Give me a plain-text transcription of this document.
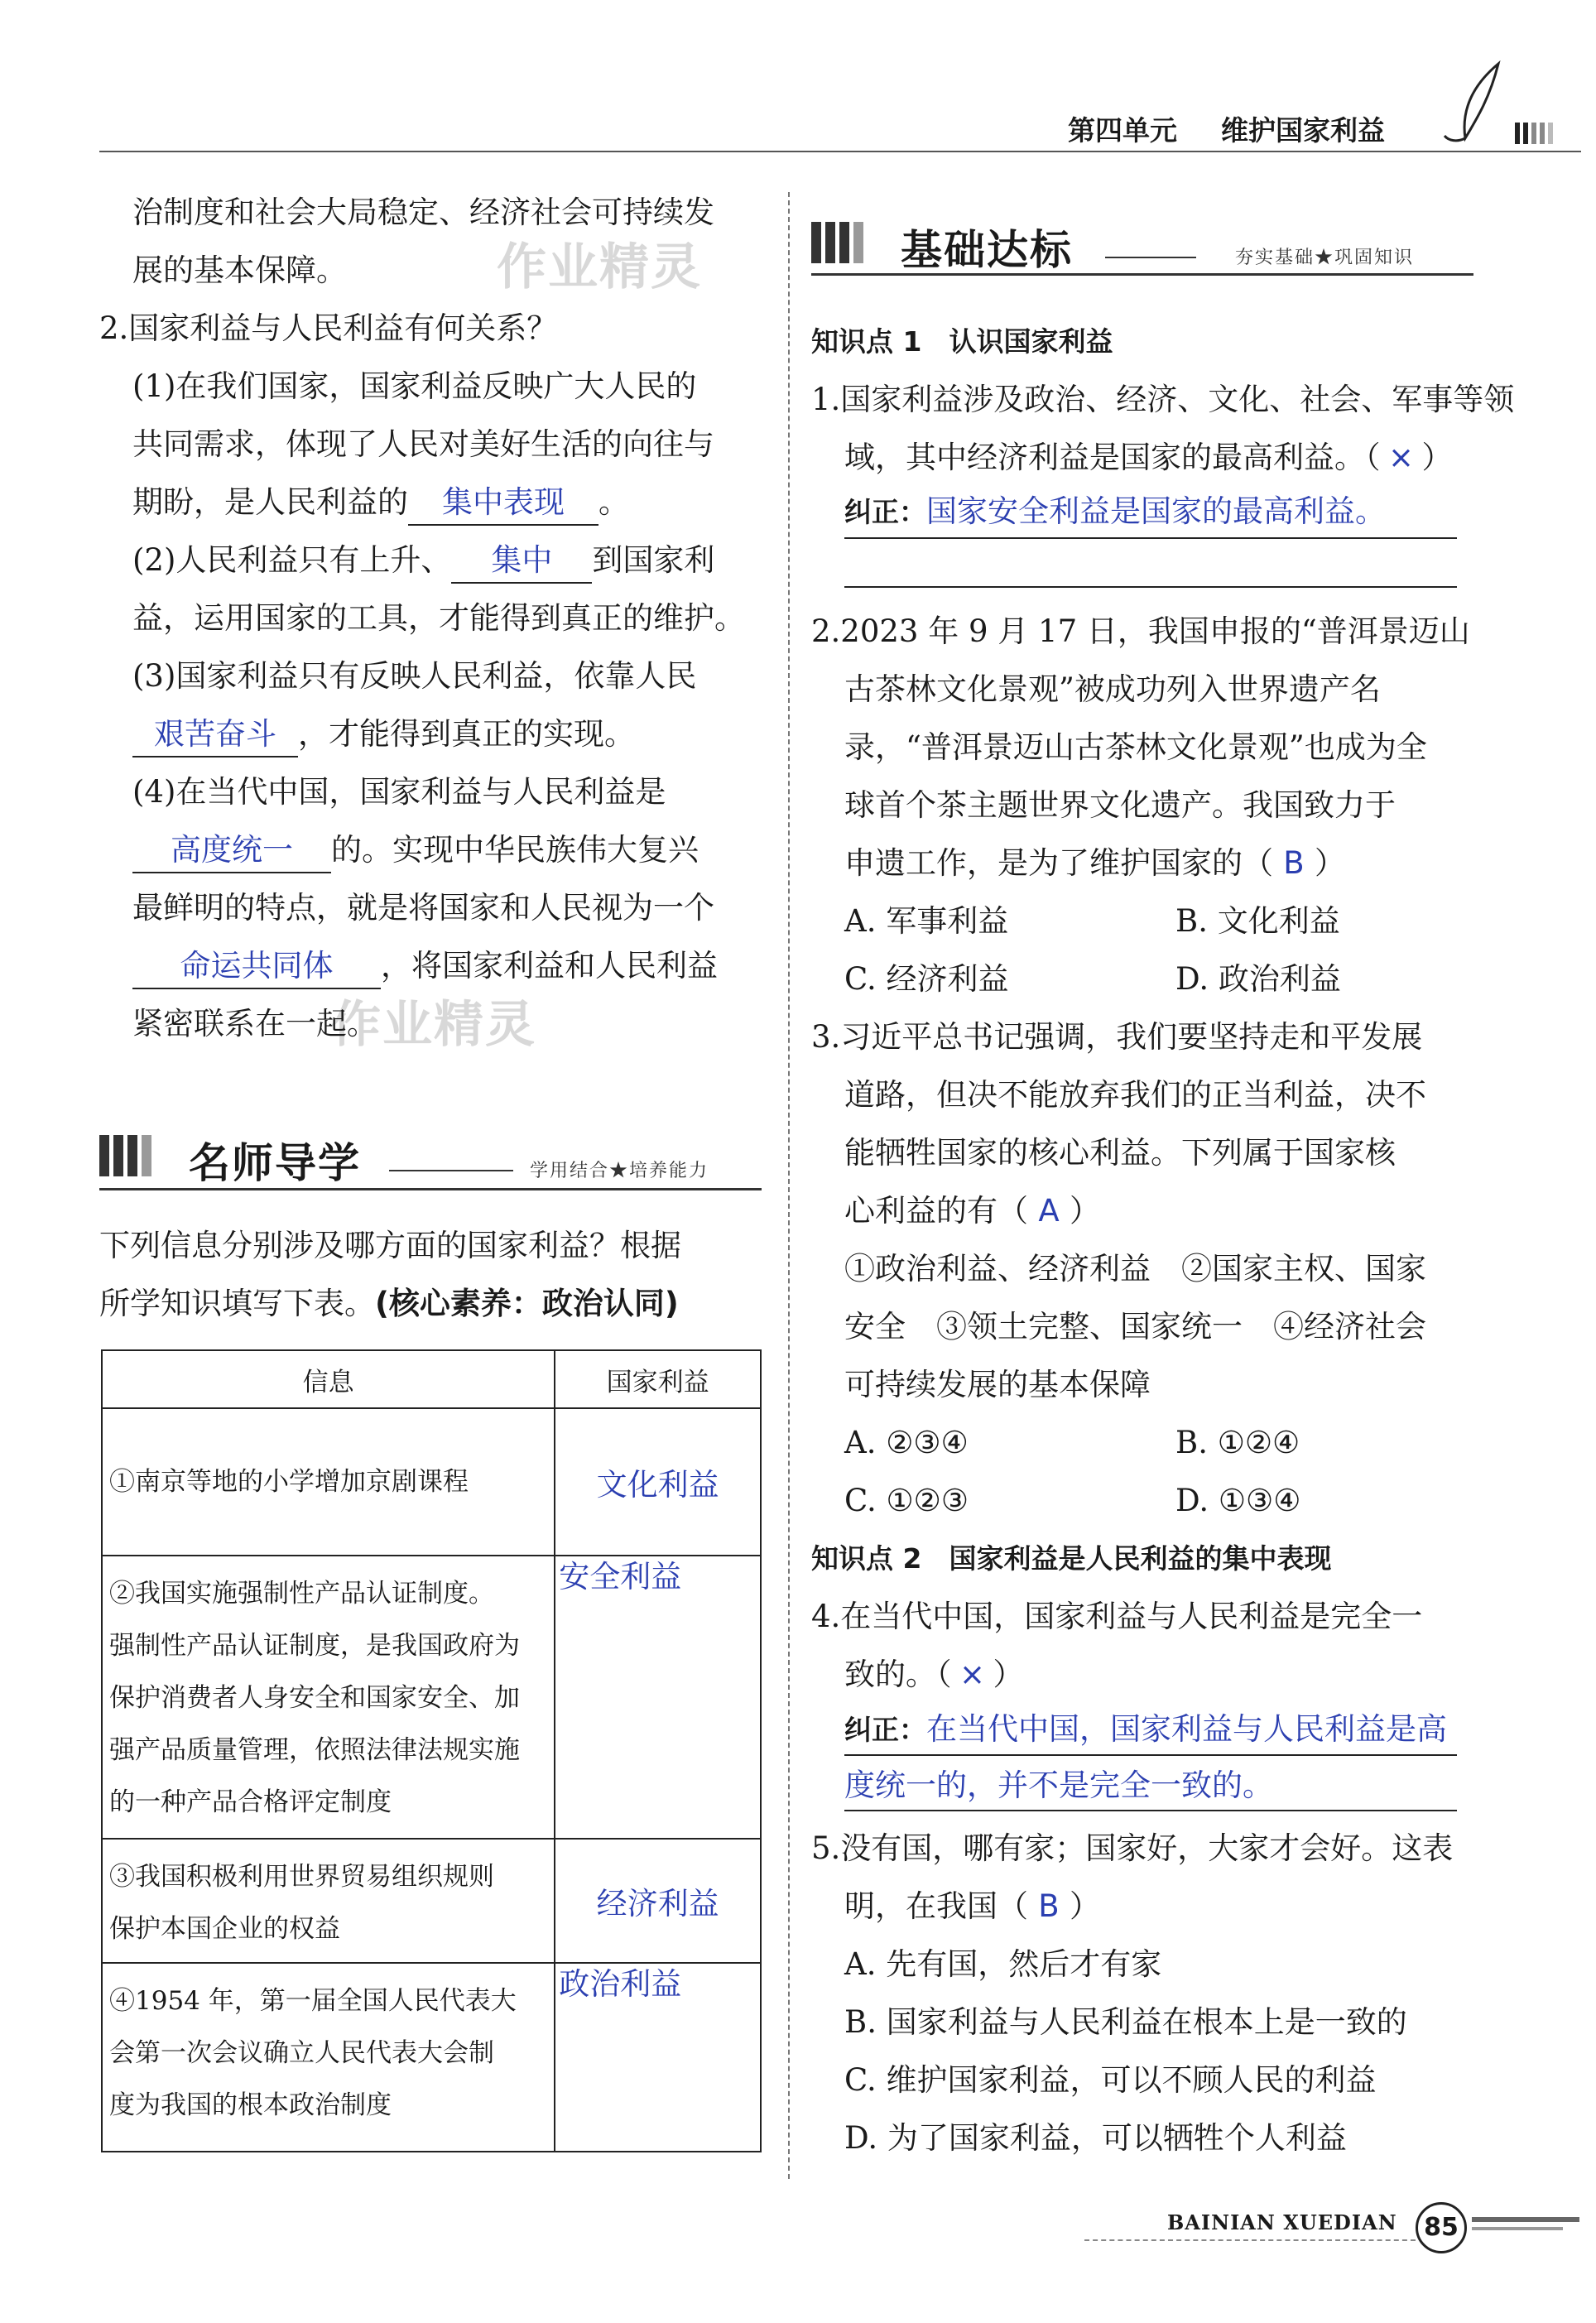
第四单元 维护国家利益
作业精灵
作业精灵
治制度和社会大局稳定、经济社会可持续发
展的基本保障。
2.国家利益与人民利益有何关系？
(1)在我们国家，国家利益反映广大人民的
共同需求，体现了人民对美好生活的向往与
期盼，是人民利益的 集中表现 。
(2)人民利益只有上升、 集中 到国家利
益，运用国家的工具，才能得到真正的维护。
(3)国家利益只有反映人民利益，依靠人民
艰苦奋斗 ，才能得到真正的实现。
(4)在当代中国，国家利益与人民利益是
高度统一 的。实现中华民族伟大复兴
最鲜明的特点，就是将国家和人民视为一个
命运共同体 ，将国家利益和人民利益
紧密联系在一起。
名师导学	学用结合★培养能力
下列信息分别涉及哪方面的国家利益？根据
所学知识填写下表。(核心素养：政治认同)
信息	国家利益

①南京等地的小学增加京剧课程	文化利益

②我国实施强制性产品认证制度。
强制性产品认证制度，是我国政府为
保护消费者人身安全和国家安全、加
强产品质量管理，依照法律法规实施
的一种产品合格评定制度	安全利益

③我国积极利用世界贸易组织规则
保护本国企业的权益	经济利益

④1954 年，第一届全国人民代表大
会第一次会议确立人民代表大会制
度为我国的根本政治制度	政治利益
基础达标	夯实基础★巩固知识
知识点 1　认识国家利益
1.国家利益涉及政治、经济、文化、社会、军事等领
域，其中经济利益是国家的最高利益。（ × ）
纠正：国家安全利益是国家的最高利益。
2.2023 年 9 月 17 日，我国申报的“普洱景迈山
古茶林文化景观”被成功列入世界遗产名
录，“普洱景迈山古茶林文化景观”也成为全
球首个茶主题世界文化遗产。我国致力于
申遗工作，是为了维护国家的（ B ）
A. 军事利益	B. 文化利益
C. 经济利益	D. 政治利益
3.习近平总书记强调，我们要坚持走和平发展
道路，但决不能放弃我们的正当利益，决不
能牺牲国家的核心利益。下列属于国家核
心利益的有（ A ）
①政治利益、经济利益　②国家主权、国家
安全　③领土完整、国家统一　④经济社会
可持续发展的基本保障
A. ②③④	B. ①②④
C. ①②③	D. ①③④
知识点 2　国家利益是人民利益的集中表现
4.在当代中国，国家利益与人民利益是完全一
致的。（ × ）
纠正：在当代中国，国家利益与人民利益是高
度统一的，并不是完全一致的。
5.没有国，哪有家；国家好，大家才会好。这表
明，在我国（ B ）
A. 先有国，然后才有家
B. 国家利益与人民利益在根本上是一致的
C. 维护国家利益，可以不顾人民的利益
D. 为了国家利益，可以牺牲个人利益
BAINIAN XUEDIAN	85
